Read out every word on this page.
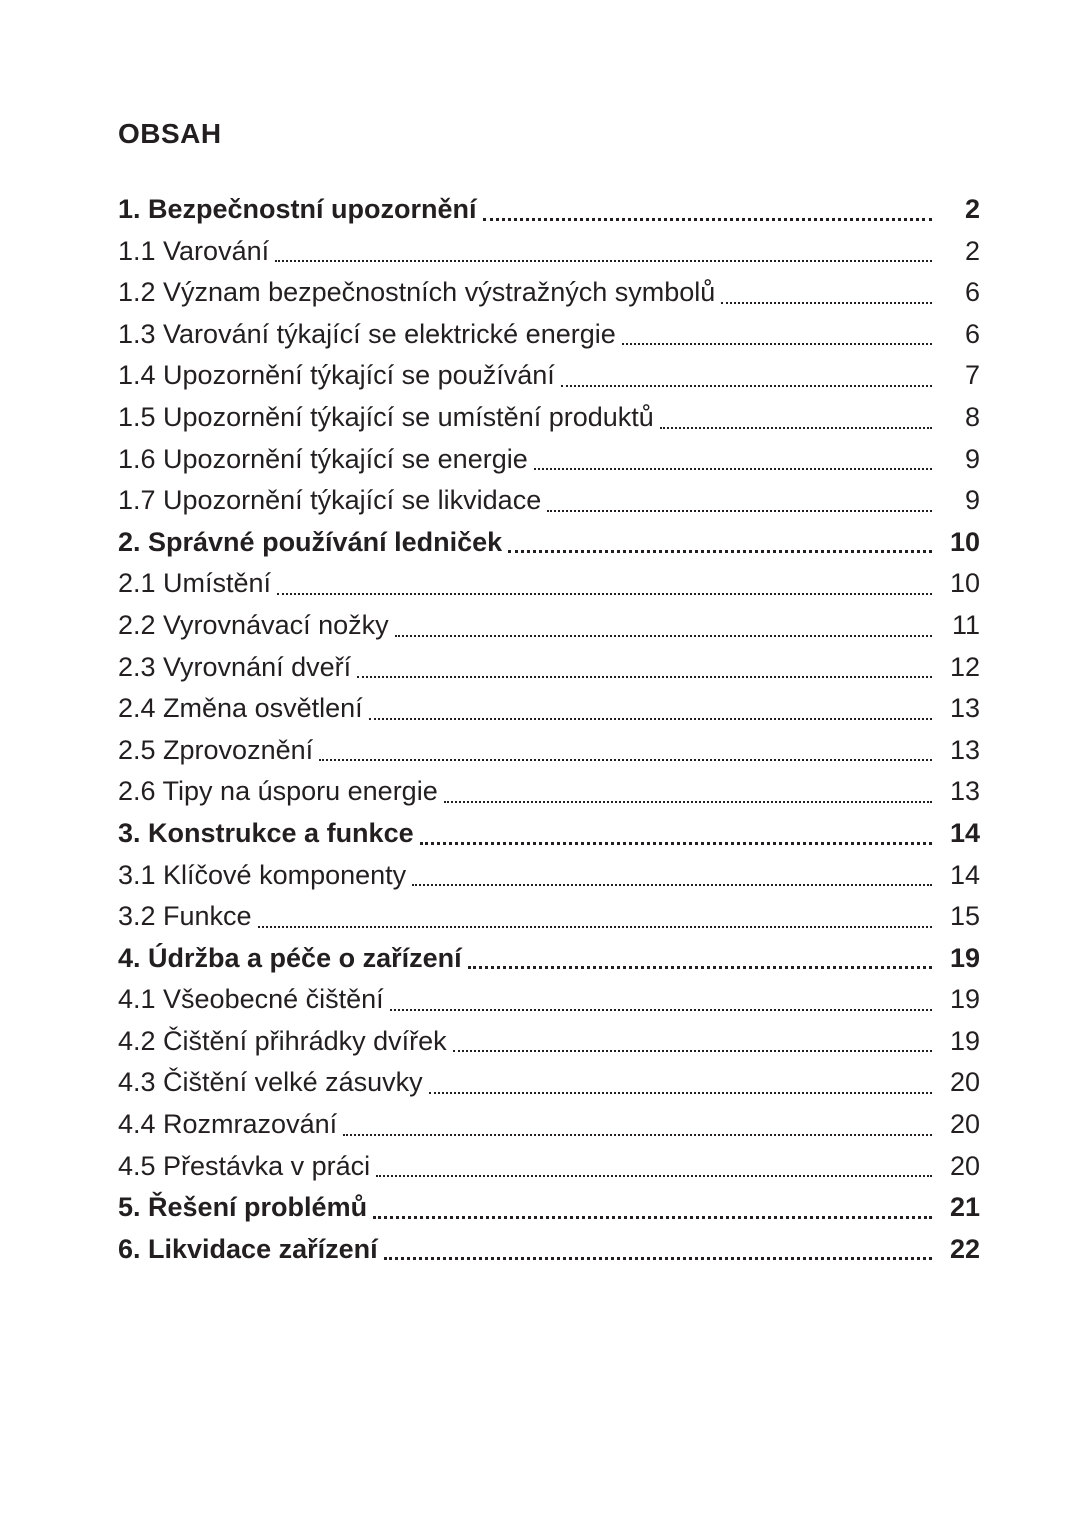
OBSAH
1. Bezpečnostní upozornění	2
1.1 Varování	2
1.2 Význam bezpečnostních výstražných symbolů	6
1.3 Varování týkající se elektrické energie	6
1.4 Upozornění týkající se používání	7
1.5 Upozornění týkající se umístění produktů	8
1.6 Upozornění týkající se energie	9
1.7 Upozornění týkající se likvidace	9
2. Správné používání ledniček	10
2.1 Umístění	10
2.2 Vyrovnávací nožky	11
2.3 Vyrovnání dveří	12
2.4 Změna osvětlení	13
2.5 Zprovoznění	13
2.6 Tipy na úsporu energie	13
3. Konstrukce a funkce	14
3.1 Klíčové komponenty	14
3.2 Funkce	15
4. Údržba a péče o zařízení	19
4.1 Všeobecné čištění	19
4.2 Čištění přihrádky dvířek	19
4.3 Čištění velké zásuvky	20
4.4 Rozmrazování	20
4.5 Přestávka v práci	20
5. Řešení problémů	21
6. Likvidace zařízení	22
